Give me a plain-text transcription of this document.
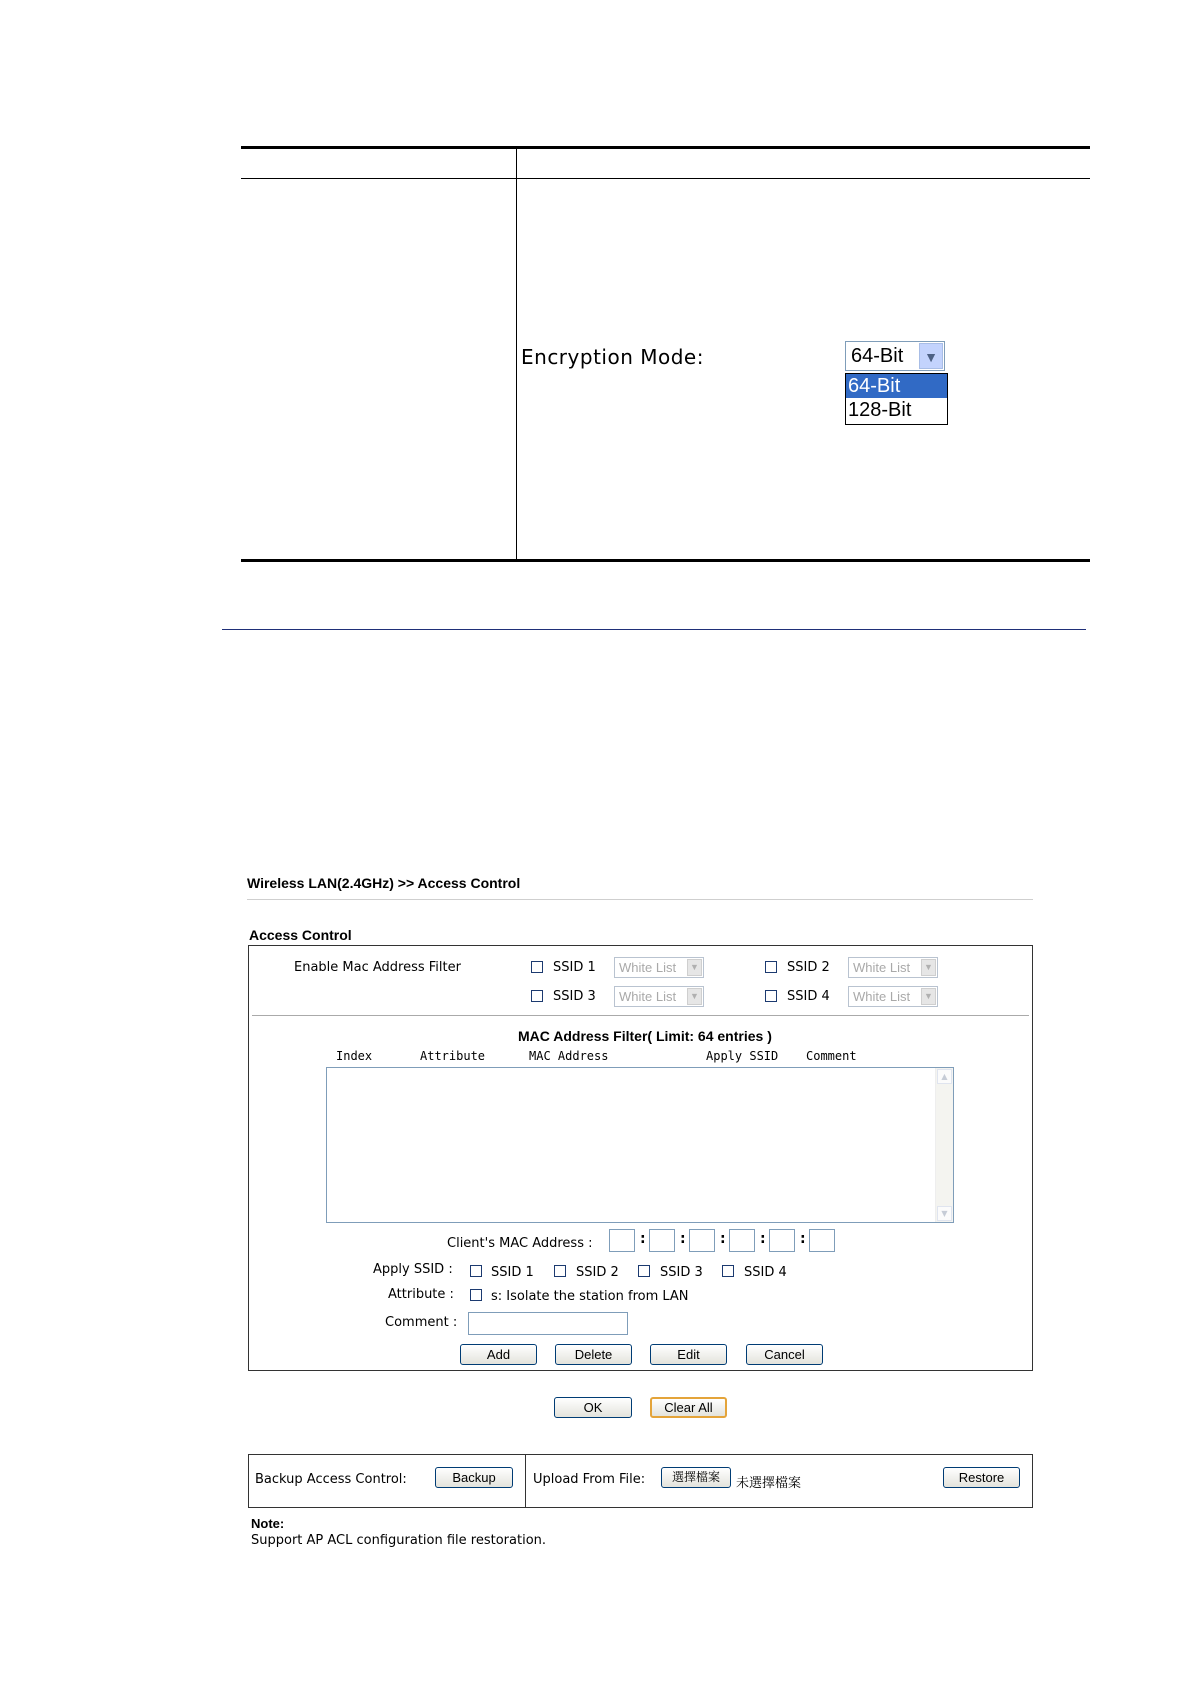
Encryption Mode:	64-Bit	▼
64-Bit
128-Bit
Wireless LAN(2.4GHz) >> Access Control
Access Control
Enable Mac Address Filter	SSID 1 White List	▼	SSID 2 White List	▼
SSID 3 White List	▼	SSID 4 White List	▼
MAC Address Filter( Limit: 64 entries )
Index	Attribute	MAC Address	Apply SSID Comment
▲
▼
Client's MAC Address :	: : : : :
Apply SSID :	SSID 1	SSID 2	SSID 3	SSID 4
Attribute :	s: Isolate the station from LAN
Comment :
Add	Delete	Edit	Cancel
OK	Clear All
Backup Access Control:	Backup	Upload From File:	選擇檔案	未選擇檔案	Restore
Note:
Support AP ACL configuration file restoration.
